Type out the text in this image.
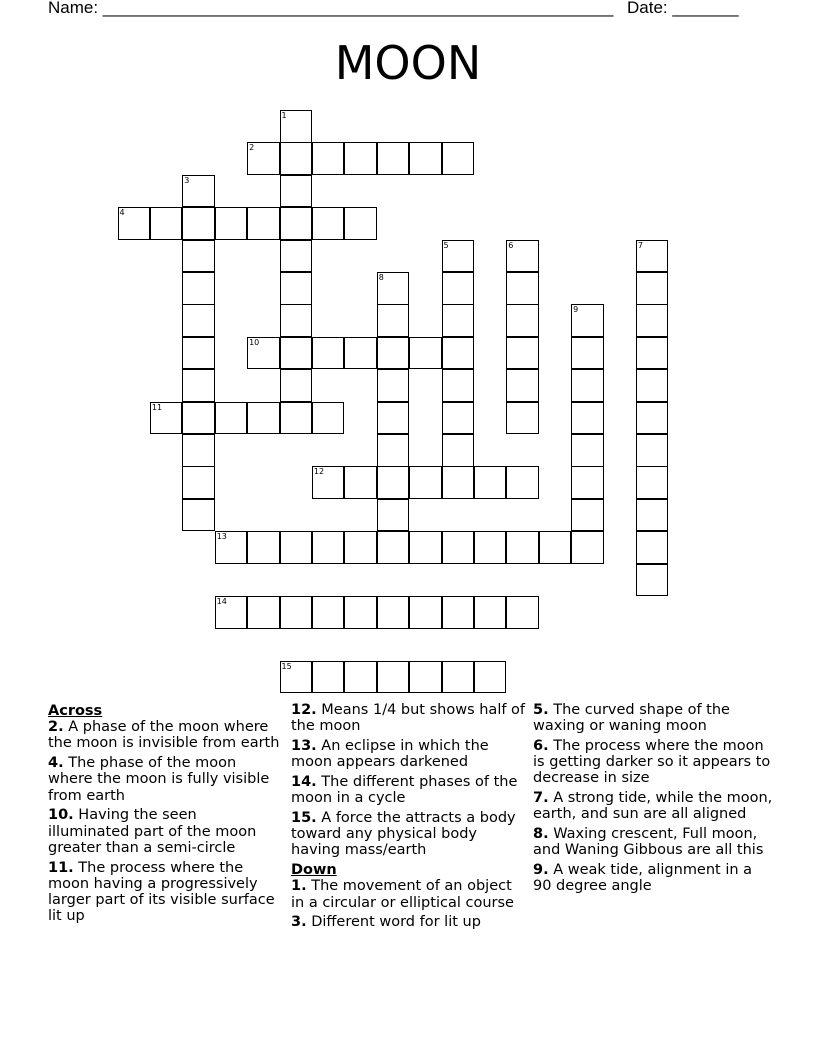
Name: ______________________________________________________ Date: _______
MOON
1
2
3
4
5	6	7
8
9
10
11
12
13
14
15
Across
2. A phase of the moon where the moon is invisible from earth
4. The phase of the moon where the moon is fully visible from earth
10. Having the seen illuminated part of the moon greater than a semi-circle
11. The process where the moon having a progressively larger part of its visible surface lit up
12. Means 1/4 but shows half of the moon
13. An eclipse in which the moon appears darkened
14. The different phases of the moon in a cycle
15. A force the attracts a body toward any physical body having mass/earth
Down
1. The movement of an object in a circular or elliptical course
3. Different word for lit up
5. The curved shape of the waxing or waning moon
6. The process where the moon is getting darker so it appears to decrease in size
7. A strong tide, while the moon, earth, and sun are all aligned
8. Waxing crescent, Full moon, and Waning Gibbous are all this
9. A weak tide, alignment in a 90 degree angle
